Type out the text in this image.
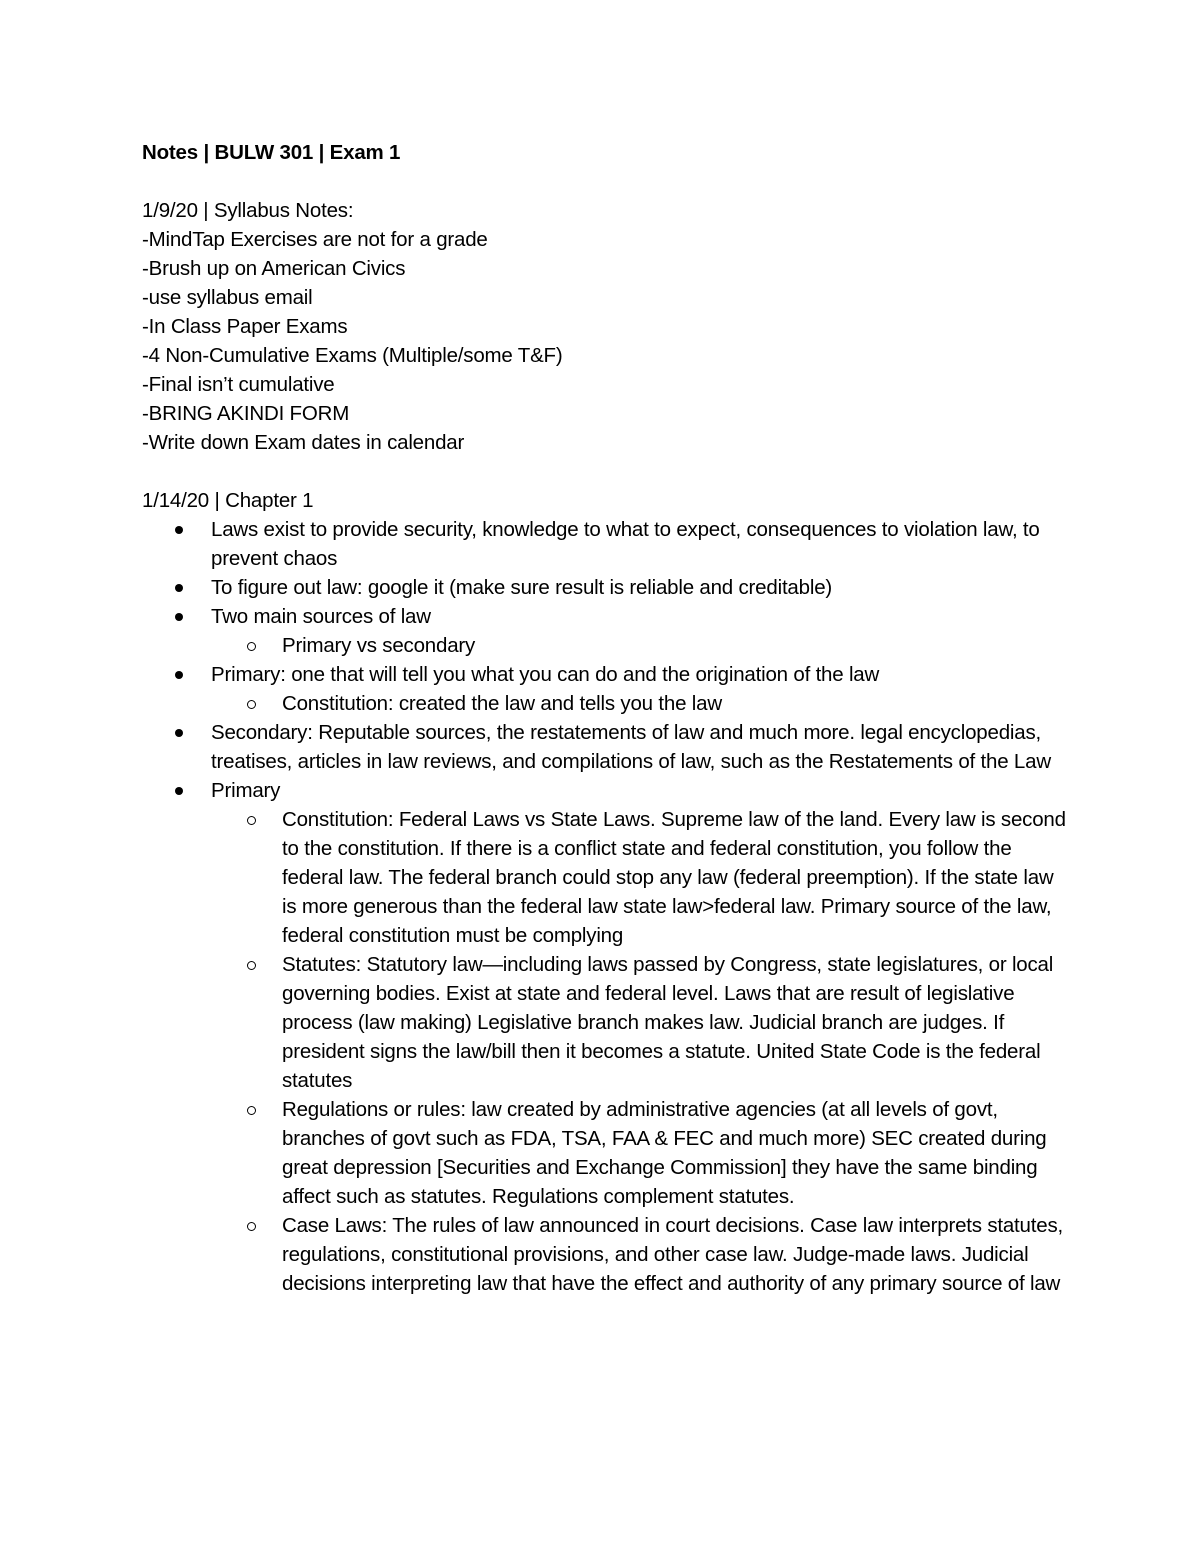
Notes | BULW 301 | Exam 1
1/9/20 | Syllabus Notes:
-MindTap Exercises are not for a grade
-Brush up on American Civics
-use syllabus email
-In Class Paper Exams
-4 Non-Cumulative Exams (Multiple/some T&F)
-Final isn’t cumulative
-BRING AKINDI FORM
-Write down Exam dates in calendar
1/14/20 | Chapter 1
Laws exist to provide security, knowledge to what to expect, consequences to violation law, to prevent chaos
To figure out law: google it (make sure result is reliable and creditable)
Two main sources of law
Primary vs secondary
Primary: one that will tell you what you can do and the origination of the law
Constitution: created the law and tells you the law
Secondary: Reputable sources, the restatements of law and much more. legal encyclopedias, treatises, articles in law reviews, and compilations of law, such as the Restatements of the Law
Primary
Constitution: Federal Laws vs State Laws. Supreme law of the land. Every law is second to the constitution. If there is a conflict state and federal constitution, you follow the federal law. The federal branch could stop any law (federal preemption). If the state law is more generous than the federal law state law>federal law. Primary source of the law, federal constitution must be complying
Statutes: Statutory law—including laws passed by Congress, state legislatures, or local governing bodies. Exist at state and federal level. Laws that are result of legislative process (law making) Legislative branch makes law. Judicial branch are judges. If president signs the law/bill then it becomes a statute. United State Code is the federal statutes
Regulations or rules: law created by administrative agencies (at all levels of govt, branches of govt such as FDA, TSA, FAA & FEC and much more) SEC created during great depression [Securities and Exchange Commission] they have the same binding affect such as statutes. Regulations complement statutes.
Case Laws: The rules of law announced in court decisions. Case law interprets statutes, regulations, constitutional provisions, and other case law. Judge-made laws. Judicial decisions interpreting law that have the effect and authority of any primary source of law
